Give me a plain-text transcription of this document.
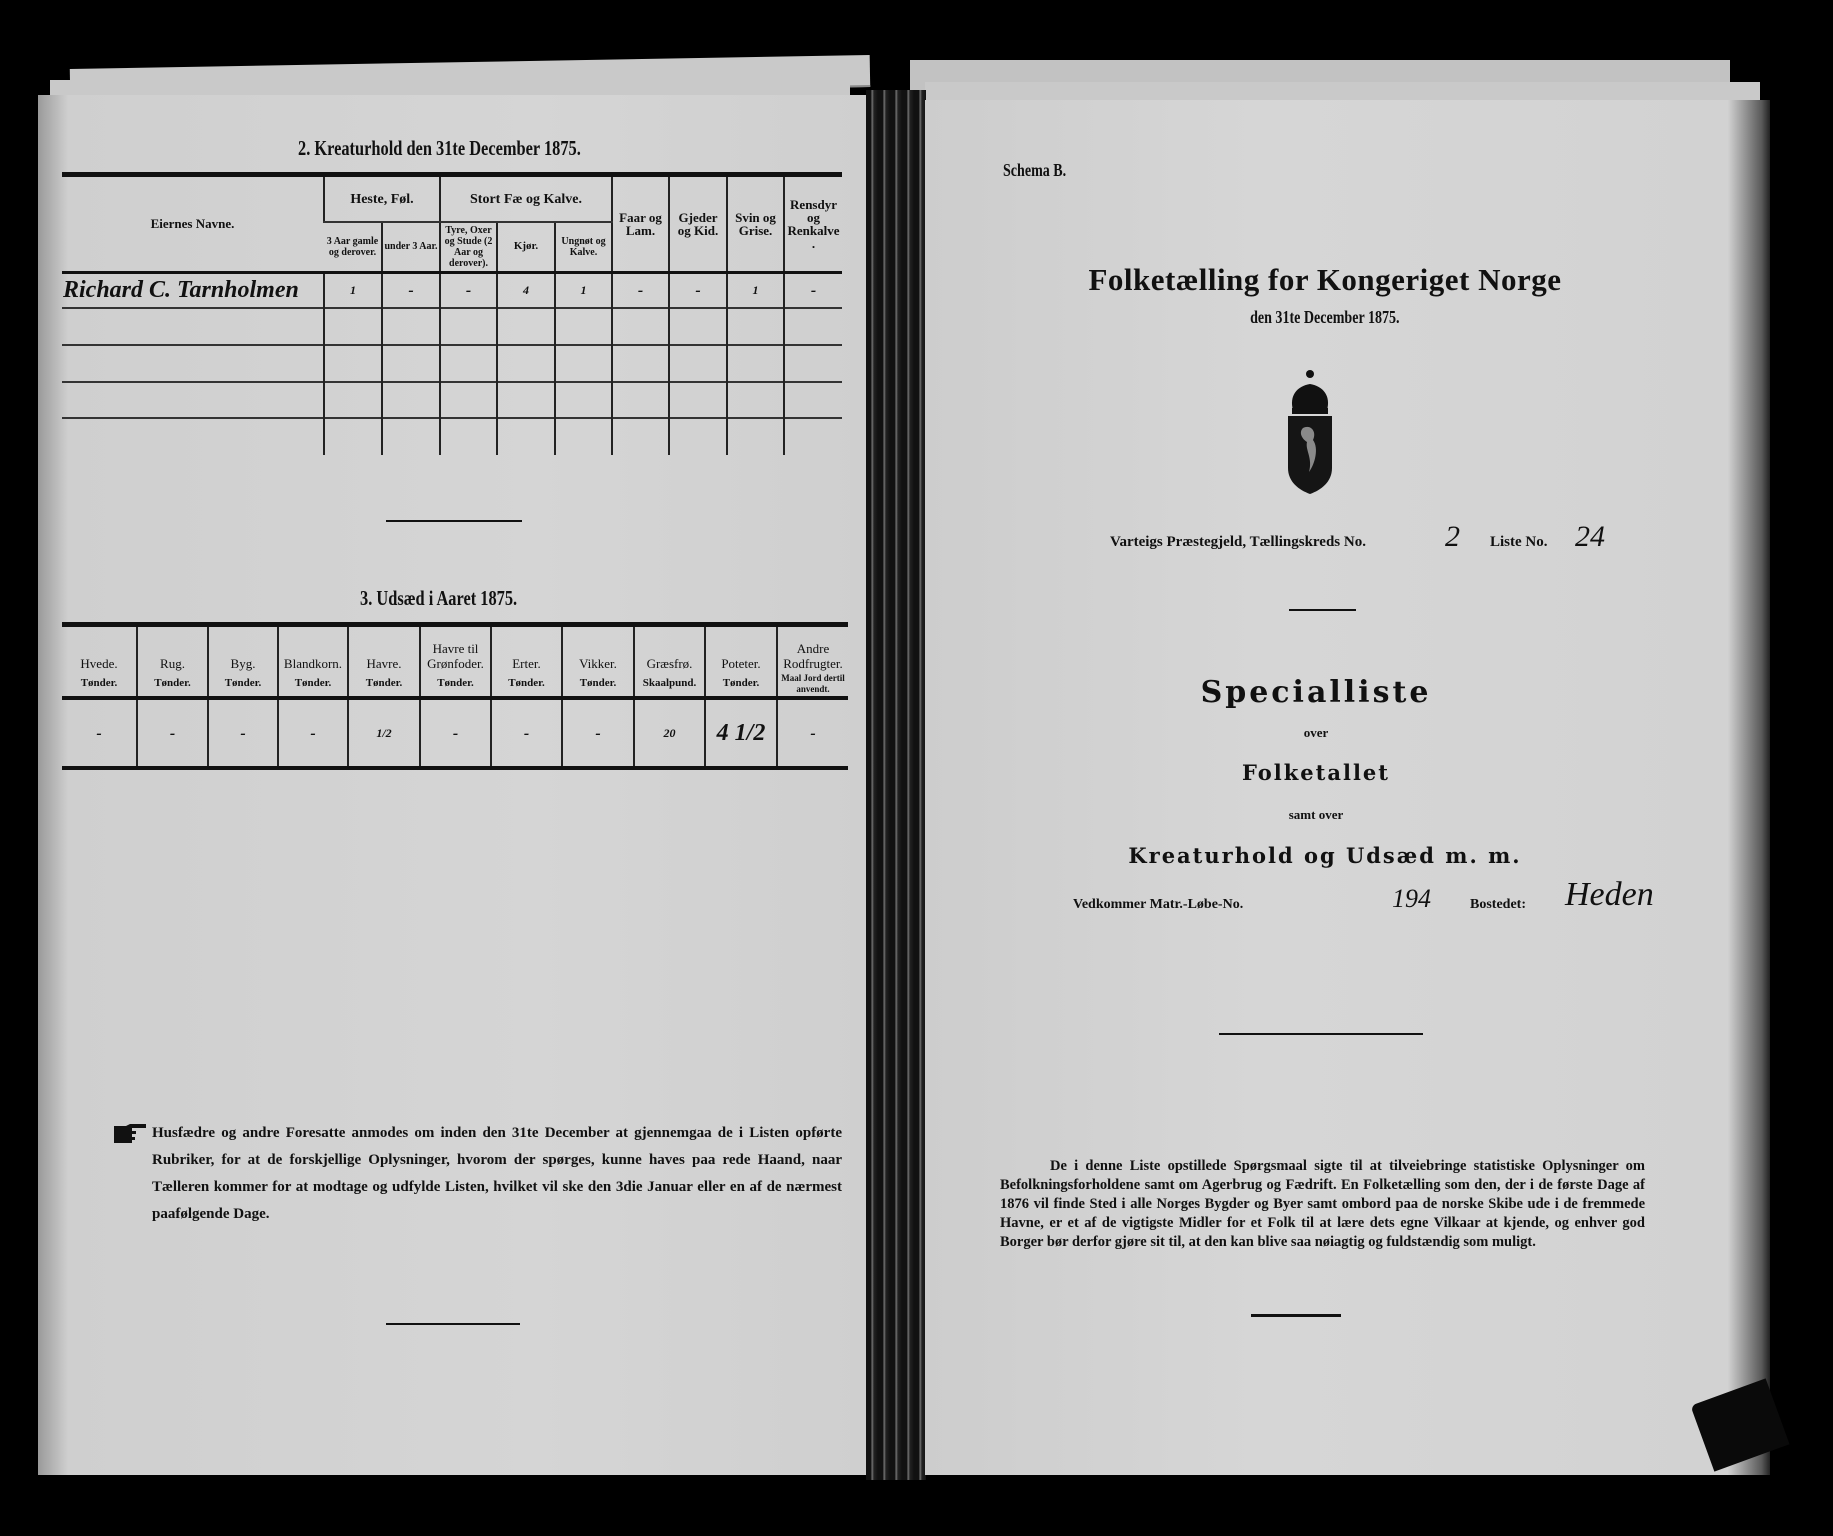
2. Kreaturhold den 31te December 1875.
Eiernes Navne.	Heste, Føl.		Stort Fæ og Kalve.			Faar og Lam.	Gjeder og Kid.	Svin og Grise.	Rensdyr og Renkalve.
	3 Aar gamle og derover.	under 3 Aar.	Tyre, Oxer og Stude (2 Aar og derover).	Kjør.	Ungnøt og Kalve.				
Richard C. Tarnholmen	1	-	-	4	1	-	-	1	-

3. Udsæd i Aaret 1875.
Hvede.	Rug.	Byg.	Blandkorn.	Havre.	Havre til Grønfoder.	Erter.	Vikker.	Græsfrø.	Poteter.	Andre Rodfrugter.
Tønder.	Tønder.	Tønder.	Tønder.	Tønder.	Tønder.	Tønder.	Tønder.	Skaalpund.	Tønder.	Maal Jord dertil anvendt.
-	-	-	-	1/2	-	-	-	20	4 1/2	-
Husfædre og andre Foresatte anmodes om inden den 31te December at gjennemgaa de i Listen opførte Rubriker, for at de forskjellige Oplysninger, hvorom der spørges, kunne haves paa rede Haand, naar Tælleren kommer for at modtage og udfylde Listen, hvilket vil ske den 3die Januar eller en af de nærmest paafølgende Dage.
Schema B.
Folketælling for Kongeriget Norge
den 31te December 1875.
Varteigs Præstegjeld, Tællingskreds No.	2 Liste No. 24
Specialliste
over
Folketallet
samt over
Kreaturhold og Udsæd m. m.
Vedkommer Matr.-Løbe-No.	194	Bostedet: Heden
De i denne Liste opstillede Spørgsmaal sigte til at tilveiebringe statistiske Oplysninger om Befolkningsforholdene samt om Agerbrug og Fædrift. En Folketælling som den, der i de første Dage af 1876 vil finde Sted i alle Norges Bygder og Byer samt ombord paa de norske Skibe ude i de fremmede Havne, er et af de vigtigste Midler for et Folk til at lære dets egne Vilkaar at kjende, og enhver god Borger bør derfor gjøre sit til, at den kan blive saa nøiagtig og fuldstændig som muligt.
